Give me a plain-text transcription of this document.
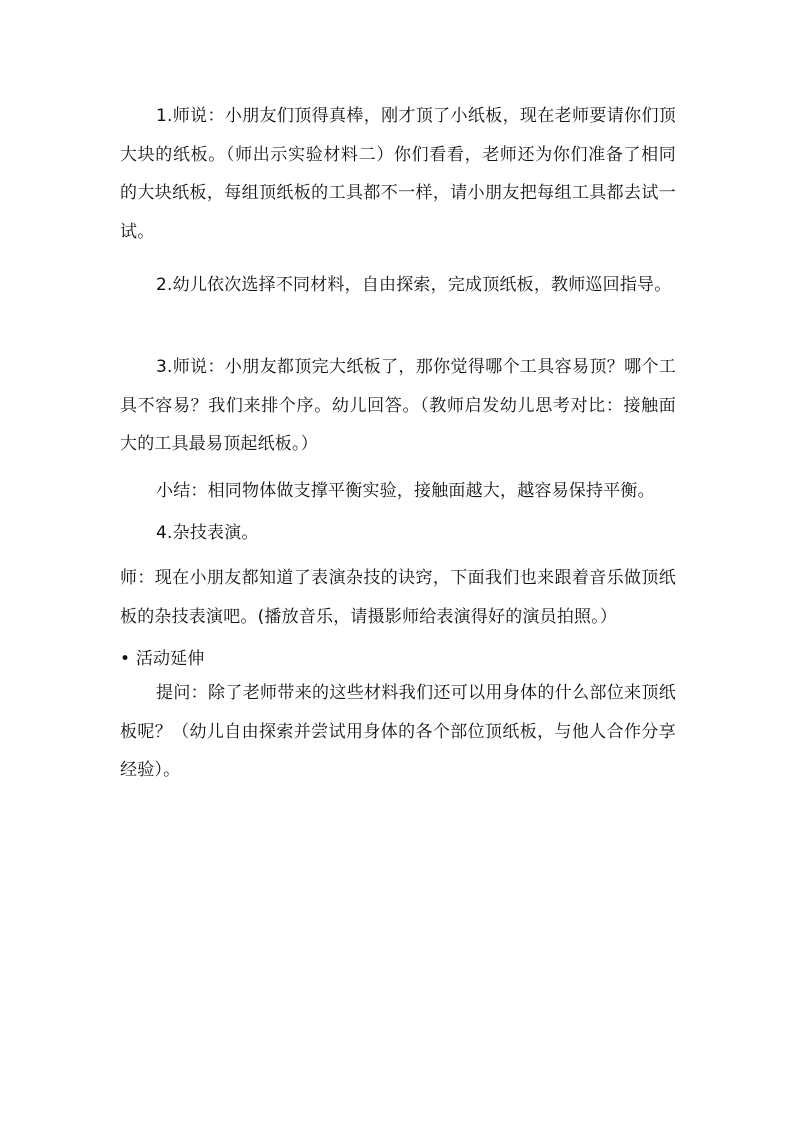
1.师说：小朋友们顶得真棒，刚才顶了小纸板，现在老师要请你们顶大块的纸板。（师出示实验材料二）你们看看，老师还为你们准备了相同的大块纸板，每组顶纸板的工具都不一样，请小朋友把每组工具都去试一试。

2.幼儿依次选择不同材料，自由探索，完成顶纸板，教师巡回指导。

3.师说：小朋友都顶完大纸板了，那你觉得哪个工具容易顶？哪个工具不容易？我们来排个序。幼儿回答。（教师启发幼儿思考对比：接触面大的工具最易顶起纸板。）

小结：相同物体做支撑平衡实验，接触面越大，越容易保持平衡。

4.杂技表演。

师：现在小朋友都知道了表演杂技的诀窍，下面我们也来跟着音乐做顶纸板的杂技表演吧。(播放音乐，请摄影师给表演得好的演员拍照。）

• 活动延伸

提问：除了老师带来的这些材料我们还可以用身体的什么部位来顶纸板呢？（幼儿自由探索并尝试用身体的各个部位顶纸板，与他人合作分享经验）。
